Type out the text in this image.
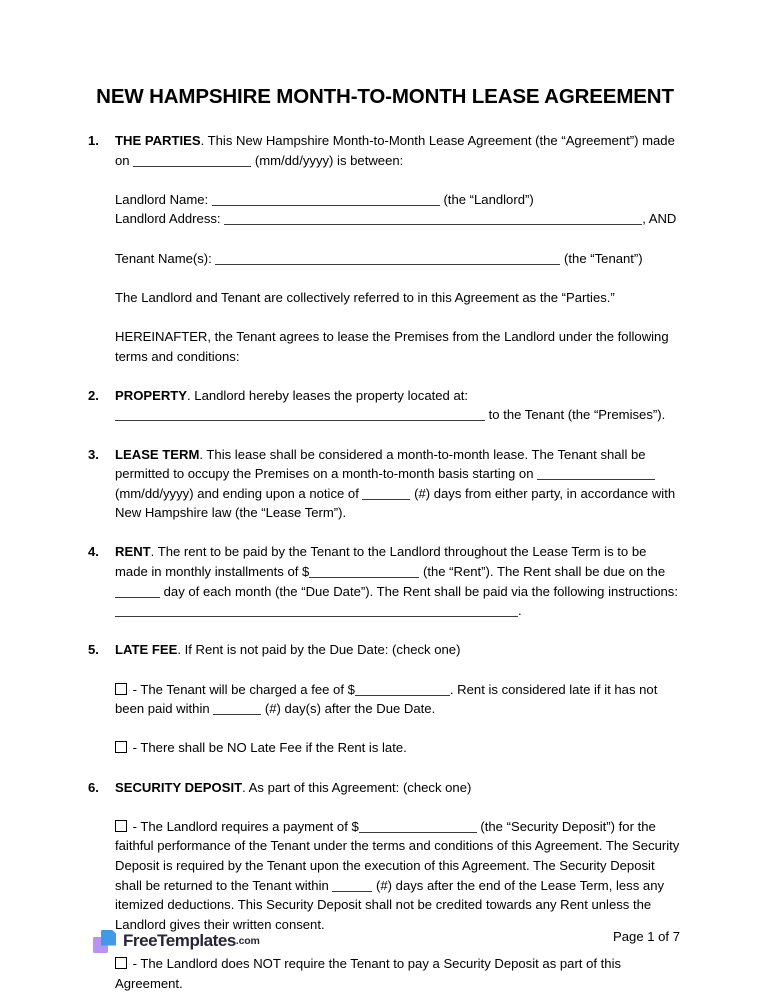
NEW HAMPSHIRE MONTH-TO-MONTH LEASE AGREEMENT
1. THE PARTIES. This New Hampshire Month-to-Month Lease Agreement (the “Agreement”) made on	(mm/dd/yyyy) is between:

Landlord Name:	(the “Landlord”)

Landlord Address:	, AND

Tenant Name(s):	(the “Tenant”)

The Landlord and Tenant are collectively referred to in this Agreement as the “Parties.”

HEREINAFTER, the Tenant agrees to lease the Premises from the Landlord under the following terms and conditions:

2. PROPERTY. Landlord hereby leases the property located at:

to the Tenant (the “Premises”).

3. LEASE TERM. This lease shall be considered a month-to-month lease. The Tenant shall be permitted to occupy the Premises on a month-to-month basis starting on  (mm/dd/yyyy) and ending upon a notice of	(#) days from either party, in accordance with New Hampshire law (the “Lease Term”).

4. RENT. The rent to be paid by the Tenant to the Landlord throughout the Lease Term is to be made in monthly installments of $	(the “Rent”). The Rent shall be due on the  day of each month (the “Due Date”). The Rent shall be paid via the following instructions: .

5. LATE FEE. If Rent is not paid by the Due Date: (check one)

- The Tenant will be charged a fee of $	. Rent is considered late if it has not been paid within	(#) day(s) after the Due Date.

- There shall be NO Late Fee if the Rent is late.

6. SECURITY DEPOSIT. As part of this Agreement: (check one)

- The Landlord requires a payment of $	(the “Security Deposit”) for the faithful performance of the Tenant under the terms and conditions of this Agreement. The Security Deposit is required by the Tenant upon the execution of this Agreement. The Security Deposit shall be returned to the Tenant within	(#) days after the end of the Lease Term, less any itemized deductions. This Security Deposit shall not be credited towards any Rent unless the Landlord gives their written consent.

- The Landlord does NOT require the Tenant to pay a Security Deposit as part of this Agreement.

FreeTemplates .com	Page 1 of 7
